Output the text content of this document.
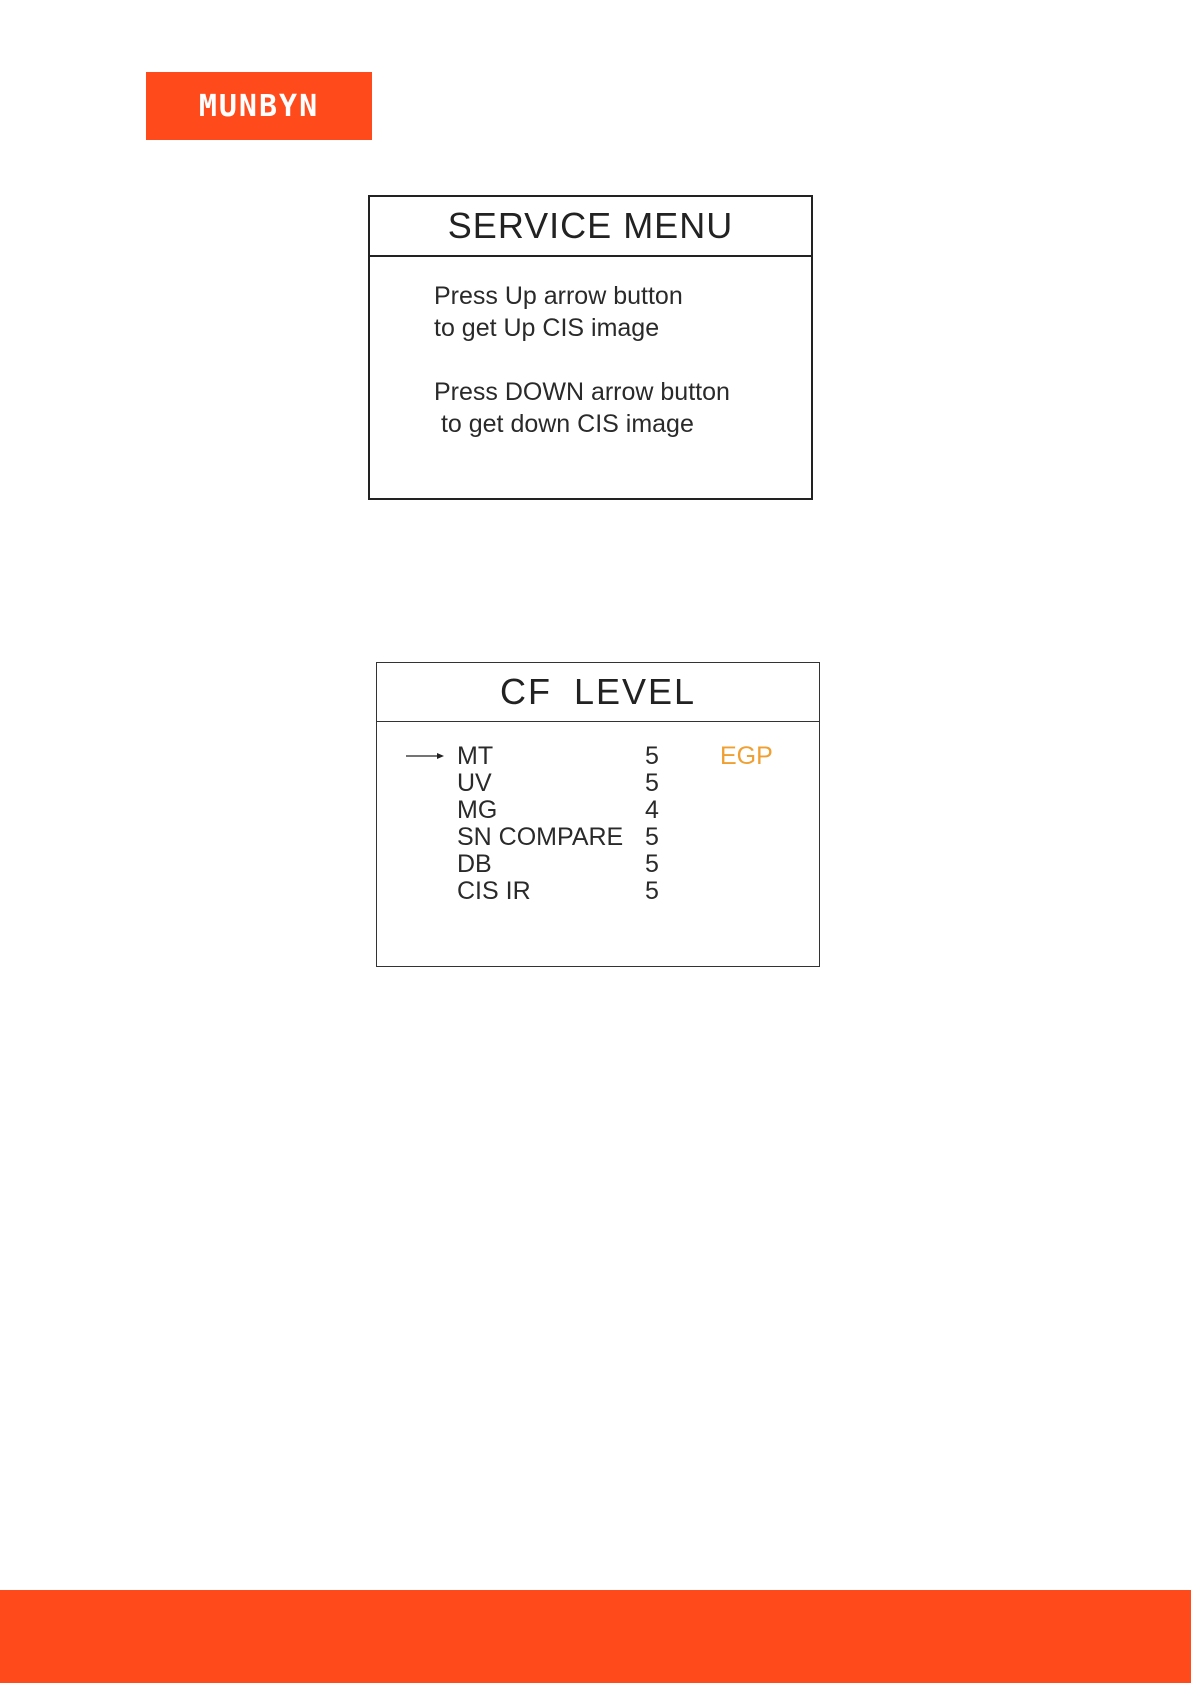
MUNBYN
SERVICE MENU
Press Up arrow button
to get Up CIS image
Press DOWN arrow button
to get down CIS image
CF LEVEL
MT	5 EGP
UV	5
MG	4
SN COMPARE 5
DB	5
CIS IR	5
